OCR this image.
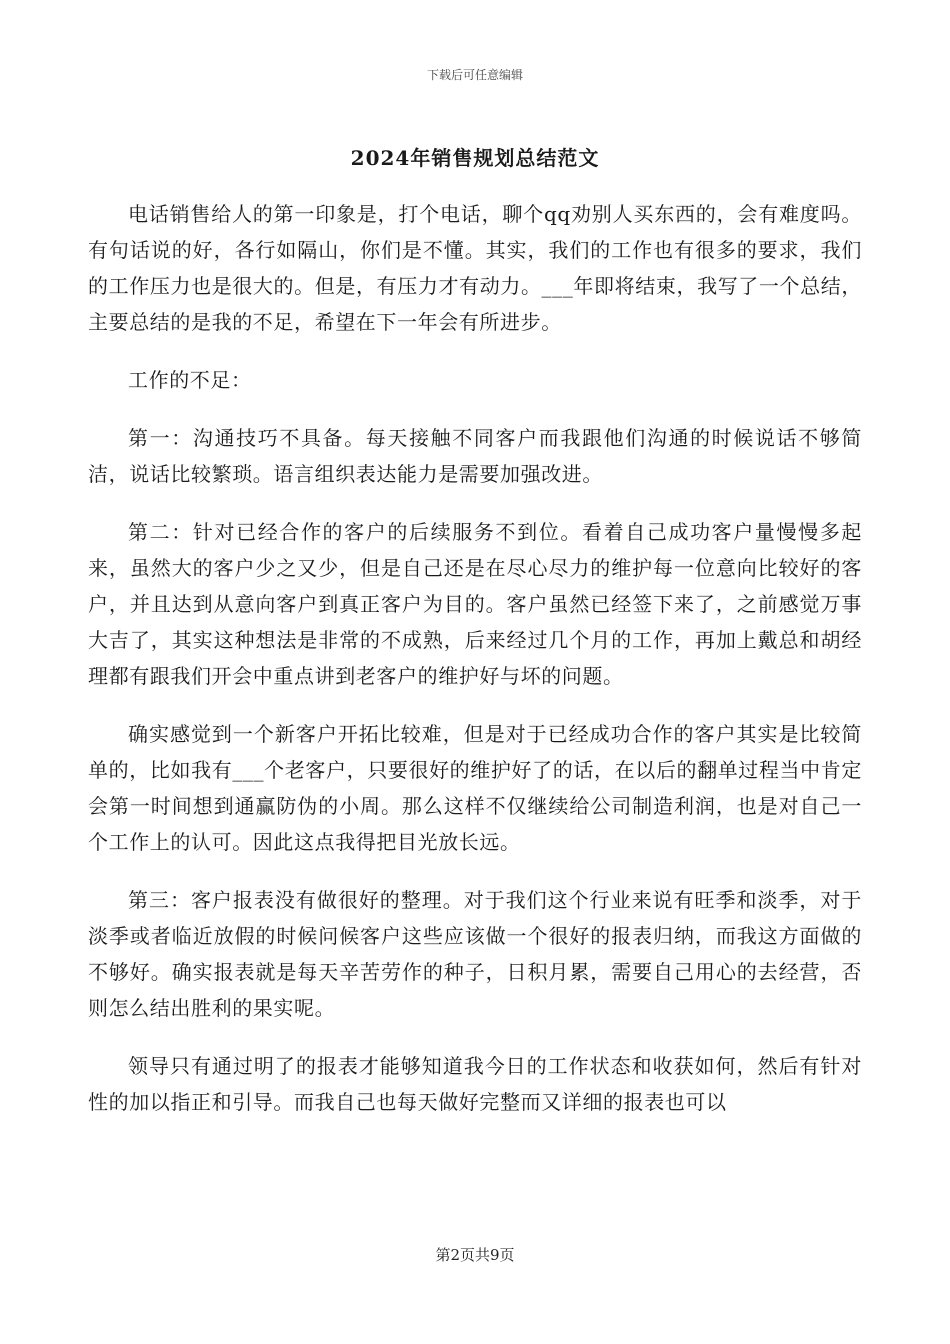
下载后可任意编辑
2024年销售规划总结范文

电话销售给人的第一印象是，打个电话，聊个qq劝别人买东西的，会有难度吗。有句话说的好，各行如隔山，你们是不懂。其实，我们的工作也有很多的要求，我们的工作压力也是很大的。但是，有压力才有动力。___年即将结束，我写了一个总结，主要总结的是我的不足，希望在下一年会有所进步。

工作的不足：

第一：沟通技巧不具备。每天接触不同客户而我跟他们沟通的时候说话不够简洁，说话比较繁琐。语言组织表达能力是需要加强改进。

第二：针对已经合作的客户的后续服务不到位。看着自己成功客户量慢慢多起来，虽然大的客户少之又少，但是自己还是在尽心尽力的维护每一位意向比较好的客户，并且达到从意向客户到真正客户为目的。客户虽然已经签下来了，之前感觉万事大吉了，其实这种想法是非常的不成熟，后来经过几个月的工作，再加上戴总和胡经理都有跟我们开会中重点讲到老客户的维护好与坏的问题。

确实感觉到一个新客户开拓比较难，但是对于已经成功合作的客户其实是比较简单的，比如我有___个老客户，只要很好的维护好了的话，在以后的翻单过程当中肯定会第一时间想到通赢防伪的小周。那么这样不仅继续给公司制造利润，也是对自己一个工作上的认可。因此这点我得把目光放长远。

第三：客户报表没有做很好的整理。对于我们这个行业来说有旺季和淡季，对于淡季或者临近放假的时候问候客户这些应该做一个很好的报表归纳，而我这方面做的不够好。确实报表就是每天辛苦劳作的种子，日积月累，需要自己用心的去经营，否则怎么结出胜利的果实呢。

领导只有通过明了的报表才能够知道我今日的工作状态和收获如何，然后有针对性的加以指正和引导。而我自己也每天做好完整而又详细的报表也可以

第2页共9页
